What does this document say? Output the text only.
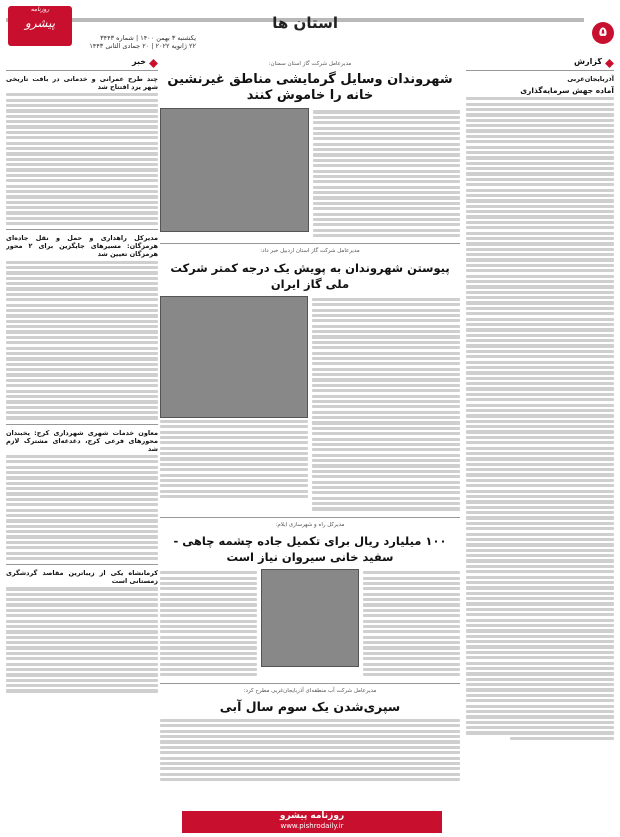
۵
استان ها
یکشنبه ۳ بهمن ۱۴۰۰ | شماره ۳۴۴۳
۲۲ ژانویه ۲۰۲۲ | ۲۰ جمادی الثانی ۱۴۴۳
روزنامه
پیشرو
گزارش
آذربایجان‌غربی
آماده جهش سرمایه‌گذاری
مدیرعامل شرکت گاز استان سمنان:
شهروندان وسایل گرمایشی مناطق غیرنشین خانه را خاموش کنند
مدیرعامل شرکت گاز استان اردبیل خبر داد:
پیوستن شهروندان به پویش یک درجه کمتر شرکت ملی گاز ایران
مدیرکل راه و شهرسازی ایلام:
۱۰۰ میلیارد ریال برای تکمیل جاده چشمه چاهی - سفید خانی سیروان نیاز است
مدیرعامل شرکت آب منطقه‌ای آذربایجان‌غربی مطرح کرد:
سپری‌شدن یک سوم سال آبی
خبر
چند طرح عمرانی و خدماتی در بافت تاریخی شهر یزد افتتاح شد
مدیرکل راهداری و حمل و نقل جاده‌ای هرمزگان: مسیرهای جایگزین برای ۲ محور هرمزگان تعیین شد
معاون خدمات شهری شهرداری کرج: یخبندان محورهای فرعی کرج، دغدغه‌ای مشترک لازم شد
کرمانشاه یکی از زیباترین مقاصد گردشگری زمستانی است
روزنامه پیشرو
www.pishrodaily.ir
